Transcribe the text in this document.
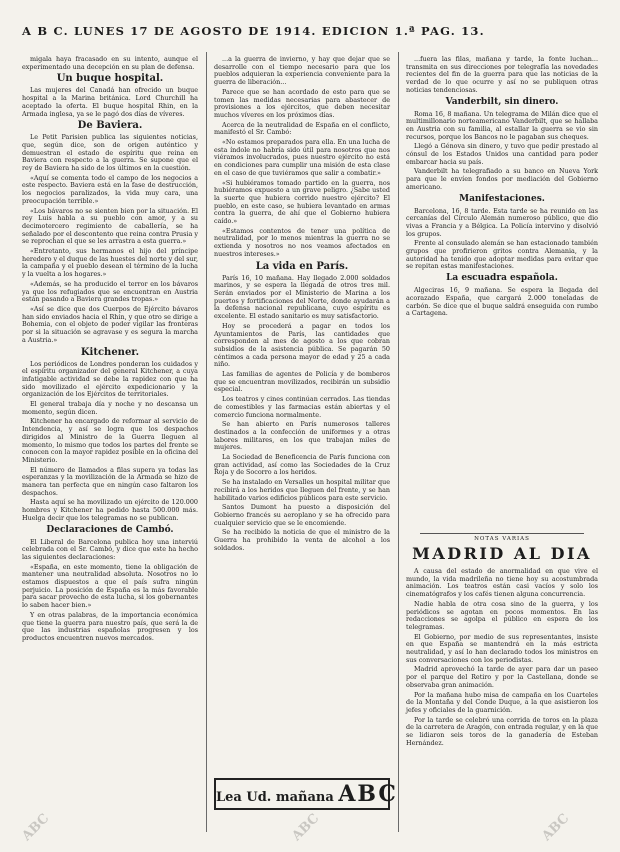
A B C. LUNES 17 DE AGOSTO DE 1914. EDICION 1.ª PAG. 13.

migala haya fracasado en su intento, aunque el experimentado una decepción en su plan de defensa.

Un buque hospital.

Las mujeres del Canadá han ofrecido un buque hospital a la Marina británica. Lord Churchill ha aceptado la oferta. El buque hospital Rhin, en la Armada inglesa, ya se le pagó dos días de víveres.

De Baviera.

Le Petit Parisien publica las siguientes noticias, que, según dice, son de origen auténtico y demuestran el estado de espíritu que reina en Baviera con respecto a la guerra. Se supone que el rey de Baviera ha sido de los últimos en la cuestión.

«Aquí se comenta todo el campo de los negocios a este respecto. Baviera está en la fase de destrucción, los negocios paralizados, la vida muy cara, una preocupación terrible.»

«Los bávaros no se sienten bien por la situación. El rey Luis habla a su pueblo con amor, y a su decimotercero regimiento de caballería, se ha señalado por el descontento que reina contra Prusia y se reprochan el que se les arrastra a esta guerra.»

«Entretanto, sus hermanos el hijo del príncipe heredero y el duque de las huestes del norte y del sur, la campaña y el pueblo desean el término de la lucha y la vuelta a los hogares.»

«Además, se ha producido el terror en los bávaros ya que los refugiados que se encuentran en Austria están pasando a Baviera grandes tropas.»

«Así se dice que dos Cuerpos de Ejército bávaros han sido enviados hacia el Rhin, y que otro se dirige a Bohemia, con el objeto de poder vigilar las fronteras por si la situación se agravase y es segura la marcha a Austria.»

Kitchener.

Los periódicos de Londres ponderan los cuidados y el espíritu organizador del general Kitchener, a cuya infatigable actividad se debe la rapidez con que ha sido movilizado el ejército expedicionario y la organización de los Ejércitos de territoriales.

El general trabaja día y noche y no descansa un momento, según dicen.

Kitchener ha encargado de reformar al servicio de Intendencia, y así se logra que los despachos dirigidos al Ministro de la Guerra lleguen al momento, lo mismo que todos los partes del frente se conocen con la mayor rapidez posible en la oficina del Ministerio.

El número de llamados a filas supera ya todas las esperanzas y la movilización de la Armada se hizo de manera tan perfecta que en ningún caso faltaron los despachos.

Hasta aquí se ha movilizado un ejército de 120.000 hombres y Kitchener ha pedido hasta 500.000 más. Huelga decir que los telegramas no se publican.

Declaraciones de Cambó.

El Liberal de Barcelona publica hoy una interviú celebrada con el Sr. Cambó, y dice que este ha hecho las siguientes declaraciones:

«España, en este momento, tiene la obligación de mantener una neutralidad absoluta. Nosotros no lo estamos dispuestos a que el país sufra ningún perjuicio. La posición de España es la más favorable para sacar provecho de esta lucha, si los gobernantes lo saben hacer bien.»

Y en otras palabras, de la importancia económica que tiene la guerra para nuestro país, que será la de que las industrias españolas progresen y los productos encuentren nuevos mercados.

...a la guerra de invierno, y hay que dejar que se desarrolle con el tiempo necesario para que los pueblos adquieran la experiencia conveniente para la guerra de liberación...

Parece que se han acordado de esto para que se tomen las medidas necesarias para abastecer de provisiones a los ejércitos, que deben necesitar muchos víveres en los próximos días.

Acerca de la neutralidad de España en el conflicto, manifestó el Sr. Cambó:

«No estamos preparados para ella. En una lucha de esta índole no habría sido útil para nosotros que nos viéramos involucrados, pues nuestro ejército no está en condiciones para cumplir una misión de esta clase en el caso de que tuviéramos que salir a combatir.»

«Si hubiéramos tomado partido en la guerra, nos hubiéramos expuesto a un grave peligro. ¿Sabe usted la suerte que hubiera corrido nuestro ejército? El pueblo, en este caso, se hubiera levantado en armas contra la guerra, de ahí que el Gobierno hubiera caído.»

«Estamos contentos de tener una política de neutralidad, por lo menos mientras la guerra no se extienda y nosotros no nos veamos afectados en nuestros intereses.»

La vida en París.

París 16, 10 mañana. Hay llegado 2.000 soldados marinos, y se espera la llegada de otros tres mil. Serán enviados por el Ministerio de Marina a los puertos y fortificaciones del Norte, donde ayudarán a la defensa nacional republicana, cuyo espíritu es excelente. El estado sanitario es muy satisfactorio.

Hoy se procederá a pagar en todos los Ayuntamientos de París, las cantidades que corresponden al mes de agosto a los que cobran subsidios de la asistencia pública. Se pagarán 50 céntimos a cada persona mayor de edad y 25 a cada niño.

Las familias de agentes de Policía y de bomberos que se encuentran movilizados, recibirán un subsidio especial.

Los teatros y cines continúan cerrados. Las tiendas de comestibles y las farmacias están abiertas y el comercio funciona normalmente.

Se han abierto en París numerosos talleres destinados a la confección de uniformes y a otras labores militares, en los que trabajan miles de mujeres.

La Sociedad de Beneficencia de París funciona con gran actividad, así como las Sociedades de la Cruz Roja y de Socorro a los heridos.

Se ha instalado en Versalles un hospital militar que recibirá a los heridos que lleguen del frente, y se han habilitado varios edificios públicos para este servicio.

Santos Dumont ha puesto a disposición del Gobierno francés su aeroplano y se ha ofrecido para cualquier servicio que se le encomiende.

Se ha recibido la noticia de que el ministro de la Guerra ha prohibido la venta de alcohol a los soldados.

Lea Ud. mañana ABC

...fuera las filas, mañana y tarde, la fonte luchan... transmita en sus direcciones por telegrafía las novedades recientes del fin de la guerra para que las noticias de la verdad de lo que ocurre y así no se publiquen otras noticias tendenciosas.

Vanderbilt, sin dinero.

Roma 16, 8 mañana. Un telegrama de Milán dice que el multimillonario norteamericano Vanderbilt, que se hallaba en Austria con su familia, al estallar la guerra se vio sin recursos, porque los Bancos no le pagaban sus cheques.

Llegó a Génova sin dinero, y tuvo que pedir prestado al cónsul de los Estados Unidos una cantidad para poder embarcar hacia su país.

Vanderbilt ha telegrafiado a su banco en Nueva York para que le envíen fondos por mediación del Gobierno americano.

Manifestaciones.

Barcelona, 16, 8 tarde. Esta tarde se ha reunido en las cercanías del Círculo Alemán numeroso público, que dio vivas a Francia y a Bélgica. La Policía intervino y disolvió los grupos.

Frente al consulado alemán se han estacionado también grupos que profirieron gritos contra Alemania, y la autoridad ha tenido que adoptar medidas para evitar que se repitan estas manifestaciones.

La escuadra española.

Algeciras 16, 9 mañana. Se espera la llegada del acorazado España, que cargará 2.000 toneladas de carbón. Se dice que el buque saldrá enseguida con rumbo a Cartagena.

NOTAS VARIAS
MADRID AL DIA

A causa del estado de anormalidad en que vive el mundo, la vida madrileña no tiene hoy su acostumbrada animación. Los teatros están casi vacíos y solo los cinematógrafos y los cafés tienen alguna concurrencia.

Nadie habla de otra cosa sino de la guerra, y los periódicos se agotan en pocos momentos. En las redacciones se agolpa el público en espera de los telegramas.

El Gobierno, por medio de sus representantes, insiste en que España se mantendrá en la más estricta neutralidad, y así lo han declarado todos los ministros en sus conversaciones con los periodistas.

Madrid aprovechó la tarde de ayer para dar un paseo por el parque del Retiro y por la Castellana, donde se observaba gran animación.

Por la mañana hubo misa de campaña en los Cuarteles de la Montaña y del Conde Duque, a la que asistieron los jefes y oficiales de la guarnición.

Por la tarde se celebró una corrida de toros en la plaza de la carretera de Aragón, con entrada regular, y en la que se lidiaron seis toros de la ganadería de Esteban Hernández.

ABC	ABC	ABC
